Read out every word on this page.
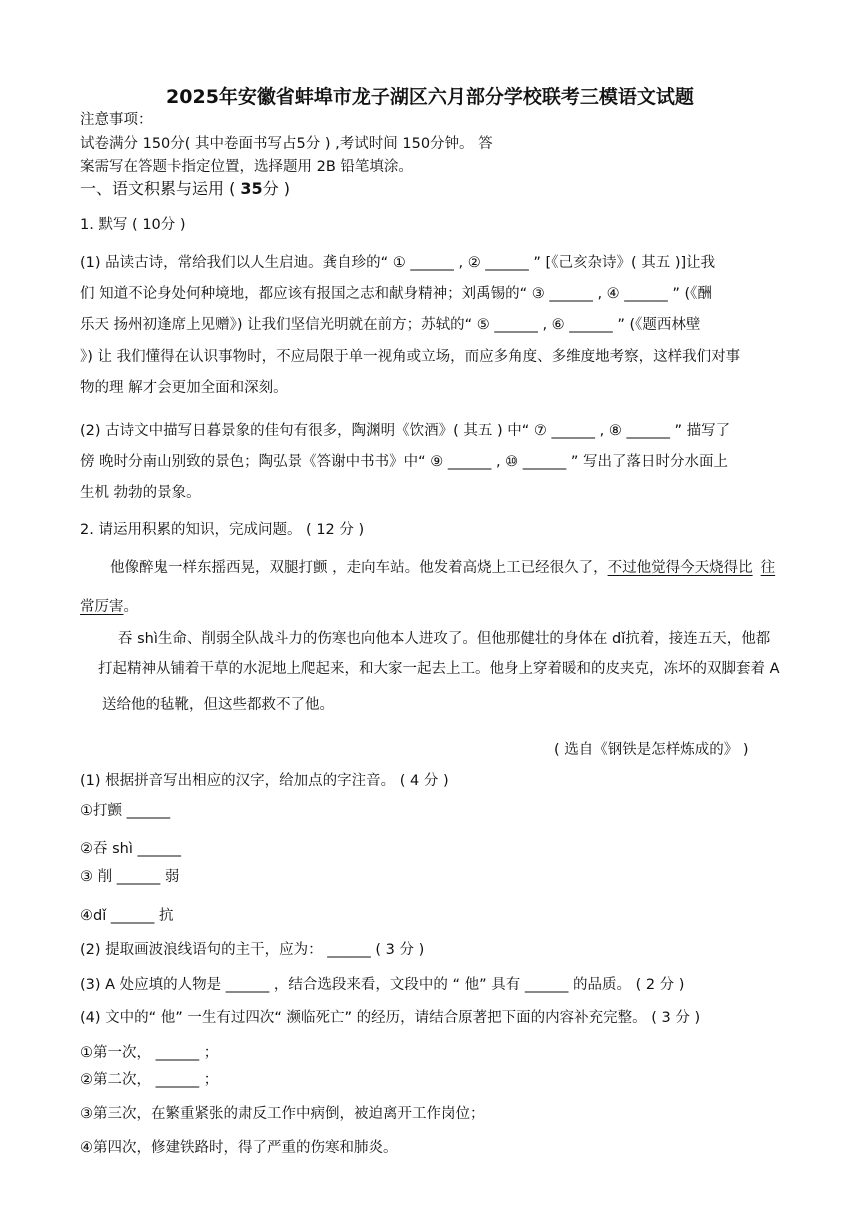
2025年安徽省蚌埠市龙子湖区六月部分学校联考三模语文试题
注意事项：
试卷满分 150分( 其中卷面书写占5分 ) ,考试时间 150分钟。 答
案需写在答题卡指定位置，选择题用 2B 铅笔填涂。
一、语文积累与运用 ( 35分 )
1. 默写 ( 10分 )
(1) 品读古诗，常给我们以人生启迪。龚自珍的“ ① ______ , ② ______ ” [《己亥杂诗》( 其五 )]让我
们 知道不论身处何种境地，都应该有报国之志和献身精神；刘禹锡的“ ③ ______ , ④ ______ ” (《酬
乐天 扬州初逢席上见赠》) 让我们坚信光明就在前方；苏轼的“ ⑤ ______ , ⑥ ______ ” (《题西林壁
》) 让 我们懂得在认识事物时，不应局限于单一视角或立场，而应多角度、多维度地考察，这样我们对事
物的理 解才会更加全面和深刻。
(2) 古诗文中描写日暮景象的佳句有很多，陶渊明《饮酒》( 其五 ) 中“ ⑦ ______ , ⑧ ______ ” 描写了
傍 晚时分南山别致的景色；陶弘景《答谢中书书》中“ ⑨ ______ , ⑩ ______ ” 写出了落日时分水面上
生机 勃勃的景象。
2. 请运用积累的知识，完成问题。 ( 12 分 )
他像醉鬼一样东摇西晃，双腿打颤 ，走向车站。他发着高烧上工已经很久了，不过他觉得今天烧得比 往
常厉害。
吞 shì生命、削弱全队战斗力的伤寒也向他本人进攻了。但他那健壮的身体在 dǐ抗着，接连五天，他都
打起精神从铺着干草的水泥地上爬起来，和大家一起去上工。他身上穿着暖和的皮夹克，冻坏的双脚套着 A
送给他的毡靴，但这些都救不了他。
( 选自《钢铁是怎样炼成的》 )
(1) 根据拼音写出相应的汉字，给加点的字注音。 ( 4 分 )
①打颤 ______
②吞 shì ______
③ 削 ______ 弱
④dǐ ______ 抗
(2) 提取画波浪线语句的主干，应为： ______ ( 3 分 )
(3) A 处应填的人物是 ______ ，结合选段来看，文段中的 “ 他” 具有 ______ 的品质。 ( 2 分 )
(4) 文中的“ 他” 一生有过四次“ 濒临死亡” 的经历，请结合原著把下面的内容补充完整。 ( 3 分 )
①第一次， ______ ；
②第二次， ______ ；
③第三次，在繁重紧张的肃反工作中病倒，被迫离开工作岗位；
④第四次，修建铁路时，得了严重的伤寒和肺炎。
